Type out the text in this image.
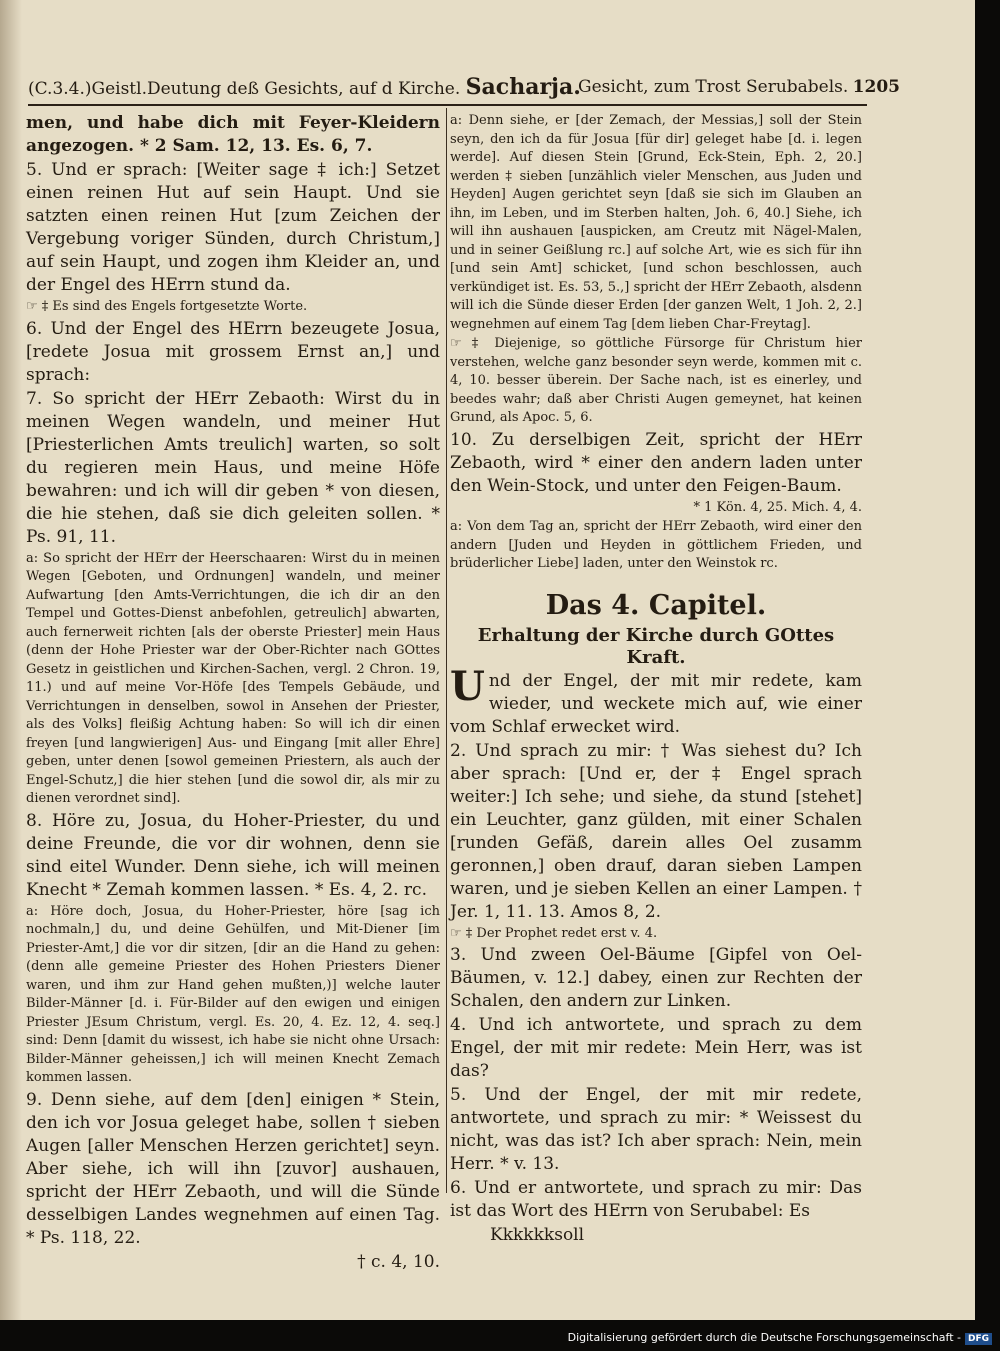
(C.3.4.)Geistl.Deutung deß Gesichts, auf d Kirche. Sacharja.
Gesicht, zum Trost Serubabels. 1205

men, und habe dich mit Feyer-Kleidern angezogen. * 2 Sam. 12, 13. Es. 6, 7.

5. Und er sprach: [Weiter sage ‡ ich:] Setzet einen reinen Hut auf sein Haupt. Und sie satzten einen reinen Hut [zum Zeichen der Vergebung voriger Sünden, durch Christum,] auf sein Haupt, und zogen ihm Kleider an, und der Engel des HErrn stund da.

☞ ‡ Es sind des Engels fortgesetzte Worte.

6. Und der Engel des HErrn bezeugete Josua, [redete Josua mit grossem Ernst an,] und sprach:

7. So spricht der HErr Zebaoth: Wirst du in meinen Wegen wandeln, und meiner Hut [Priesterlichen Amts treulich] warten, so solt du regieren mein Haus, und meine Höfe bewahren: und ich will dir geben * von diesen, die hie stehen, daß sie dich geleiten sollen. * Ps. 91, 11.

a: So spricht der HErr der Heerschaaren: Wirst du in meinen Wegen [Geboten, und Ordnungen] wandeln, und meiner Aufwartung [den Amts-Verrichtungen, die ich dir an den Tempel und Gottes-Dienst anbefohlen, getreulich] abwarten, auch fernerweit richten [als der oberste Priester] mein Haus (denn der Hohe Priester war der Ober-Richter nach GOttes Gesetz in geistlichen und Kirchen-Sachen, vergl. 2 Chron. 19, 11.) und auf meine Vor-Höfe [des Tempels Gebäude, und Verrichtungen in denselben, sowol in Ansehen der Priester, als des Volks] fleißig Achtung haben: So will ich dir einen freyen [und langwierigen] Aus- und Eingang [mit aller Ehre] geben, unter denen [sowol gemeinen Priestern, als auch der Engel-Schutz,] die hier stehen [und die sowol dir, als mir zu dienen verordnet sind].

8. Höre zu, Josua, du Hoher-Priester, du und deine Freunde, die vor dir wohnen, denn sie sind eitel Wunder. Denn siehe, ich will meinen Knecht * Zemah kommen lassen. * Es. 4, 2. rc.

a: Höre doch, Josua, du Hoher-Priester, höre [sag ich nochmaln,] du, und deine Gehülfen, und Mit-Diener [im Priester-Amt,] die vor dir sitzen, [dir an die Hand zu gehen: (denn alle gemeine Priester des Hohen Priesters Diener waren, und ihm zur Hand gehen mußten,)] welche lauter Bilder-Männer [d. i. Für-Bilder auf den ewigen und einigen Priester JEsum Christum, vergl. Es. 20, 4. Ez. 12, 4. seq.] sind: Denn [damit du wissest, ich habe sie nicht ohne Ursach: Bilder-Männer geheissen,] ich will meinen Knecht Zemach kommen lassen.

9. Denn siehe, auf dem [den] einigen * Stein, den ich vor Josua geleget habe, sollen † sieben Augen [aller Menschen Herzen gerichtet] seyn. Aber siehe, ich will ihn [zuvor] aushauen, spricht der HErr Zebaoth, und will die Sünde desselbigen Landes wegnehmen auf einen Tag. * Ps. 118, 22.

† c. 4, 10.

a: Denn siehe, er [der Zemach, der Messias,] soll der Stein seyn, den ich da für Josua [für dir] geleget habe [d. i. legen werde]. Auf diesen Stein [Grund, Eck-Stein, Eph. 2, 20.] werden ‡ sieben [unzählich vieler Menschen, aus Juden und Heyden] Augen gerichtet seyn [daß sie sich im Glauben an ihn, im Leben, und im Sterben halten, Joh. 6, 40.] Siehe, ich will ihn aushauen [auspicken, am Creutz mit Nägel-Malen, und in seiner Geißlung rc.] auf solche Art, wie es sich für ihn [und sein Amt] schicket, [und schon beschlossen, auch verkündiget ist. Es. 53, 5.,] spricht der HErr Zebaoth, alsdenn will ich die Sünde dieser Erden [der ganzen Welt, 1 Joh. 2, 2.] wegnehmen auf einem Tag [dem lieben Char-Freytag].

☞ ‡ Diejenige, so göttliche Fürsorge für Christum hier verstehen, welche ganz besonder seyn werde, kommen mit c. 4, 10. besser überein. Der Sache nach, ist es einerley, und beedes wahr; daß aber Christi Augen gemeynet, hat keinen Grund, als Apoc. 5, 6.

10. Zu derselbigen Zeit, spricht der HErr Zebaoth, wird * einer den andern laden unter den Wein-Stock, und unter den Feigen-Baum.

* 1 Kön. 4, 25. Mich. 4, 4.

a: Von dem Tag an, spricht der HErr Zebaoth, wird einer den andern [Juden und Heyden in göttlichem Frieden, und brüderlicher Liebe] laden, unter den Weinstok rc.

Das 4. Capitel.

Erhaltung der Kirche durch GOttes Kraft.

Und der Engel, der mit mir redete, kam wieder, und weckete mich auf, wie einer vom Schlaf erwecket wird.

2. Und sprach zu mir: † Was siehest du? Ich aber sprach: [Und er, der ‡ Engel sprach weiter:] Ich sehe; und siehe, da stund [stehet] ein Leuchter, ganz gülden, mit einer Schalen [runden Gefäß, darein alles Oel zusamm geronnen,] oben drauf, daran sieben Lampen waren, und je sieben Kellen an einer Lampen. † Jer. 1, 11. 13. Amos 8, 2.

☞ ‡ Der Prophet redet erst v. 4.

3. Und zween Oel-Bäume [Gipfel von Oel-Bäumen, v. 12.] dabey, einen zur Rechten der Schalen, den andern zur Linken.

4. Und ich antwortete, und sprach zu dem Engel, der mit mir redete: Mein Herr, was ist das?

5. Und der Engel, der mit mir redete, antwortete, und sprach zu mir: * Weissest du nicht, was das ist? Ich aber sprach: Nein, mein Herr. * v. 13.

6. Und er antwortete, und sprach zu mir: Das ist das Wort des HErrn von Serubabel: Es

Kkkkkk soll

Digitalisierung gefördert durch die Deutsche Forschungsgemeinschaft - DFG
